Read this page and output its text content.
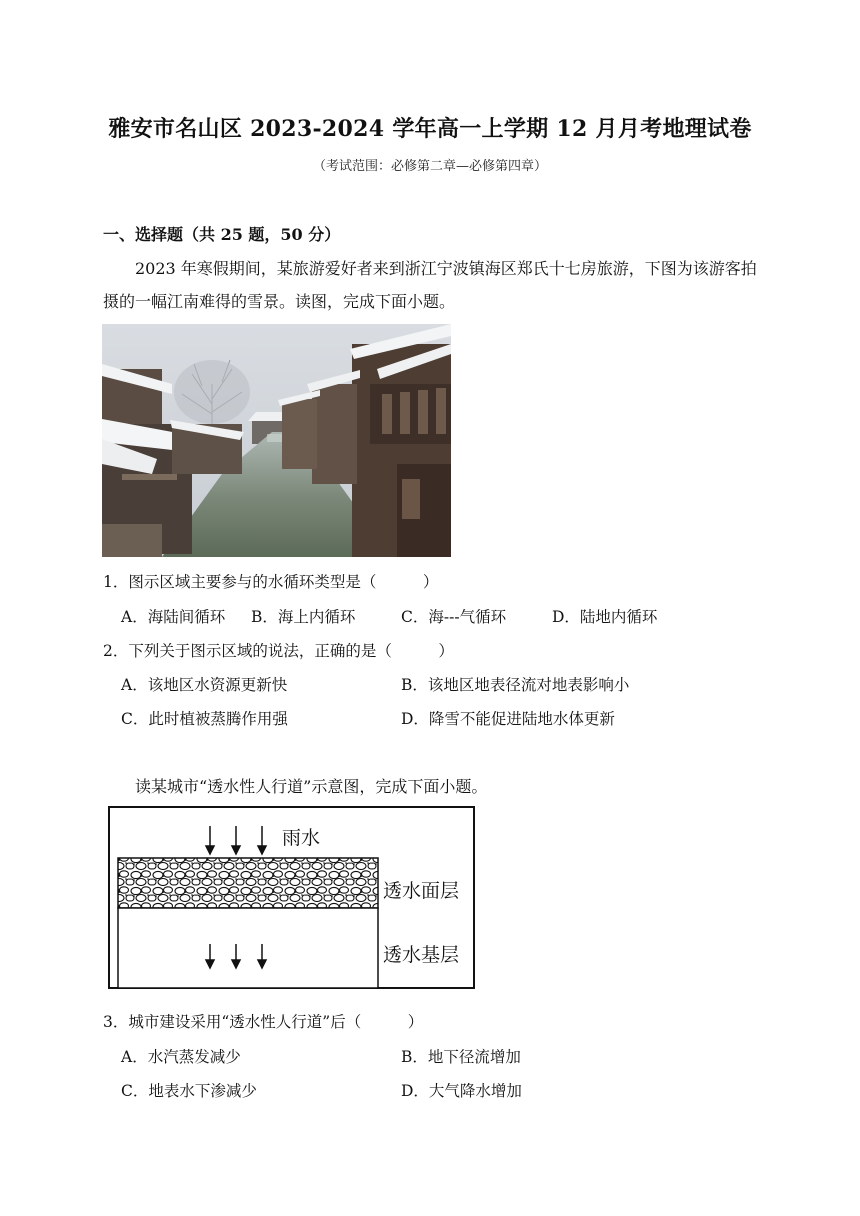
雅安市名山区 2023-2024 学年高一上学期 12 月月考地理试卷
（考试范围：必修第二章—必修第四章）
一、选择题（共 25 题，50 分）
2023 年寒假期间，某旅游爱好者来到浙江宁波镇海区郑氏十七房旅游，下图为该游客拍摄的一幅江南难得的雪景。读图，完成下面小题。
1．图示区域主要参与的水循环类型是（　　　）
A．海陆间循环 B．海上内循环	C．海---气循环	D．陆地内循环
2．下列关于图示区域的说法，正确的是（　　　）
A．该地区水资源更新快	B．该地区地表径流对地表影响小
C．此时植被蒸腾作用强	D．降雪不能促进陆地水体更新
读某城市“透水性人行道”示意图，完成下面小题。
雨水
透水面层
透水基层
3．城市建设采用“透水性人行道”后（　　　）
A．水汽蒸发减少	B．地下径流增加
C．地表水下渗减少	D．大气降水增加
